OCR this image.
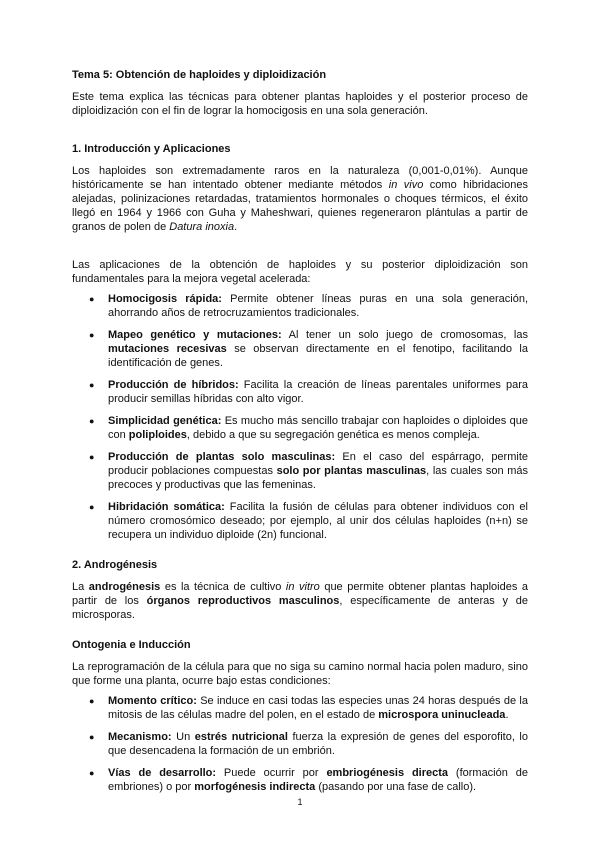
Tema 5: Obtención de haploides y diploidización

Este tema explica las técnicas para obtener plantas haploides y el posterior proceso de diploidización con el fin de lograr la homocigosis en una sola generación.

1. Introducción y Aplicaciones

Los haploides son extremadamente raros en la naturaleza (0,001-0,01%). Aunque históricamente se han intentado obtener mediante métodos in vivo como hibridaciones alejadas, polinizaciones retardadas, tratamientos hormonales o choques térmicos, el éxito llegó en 1964 y 1966 con Guha y Maheshwari, quienes regeneraron plántulas a partir de granos de polen de Datura inoxia.

Las aplicaciones de la obtención de haploides y su posterior diploidización son fundamentales para la mejora vegetal acelerada:

● Homocigosis rápida: Permite obtener líneas puras en una sola generación, ahorrando años de retrocruzamientos tradicionales.
● Mapeo genético y mutaciones: Al tener un solo juego de cromosomas, las mutaciones recesivas se observan directamente en el fenotipo, facilitando la identificación de genes.
● Producción de híbridos: Facilita la creación de líneas parentales uniformes para producir semillas híbridas con alto vigor.
● Simplicidad genética: Es mucho más sencillo trabajar con haploides o diploides que con poliploides, debido a que su segregación genética es menos compleja.
● Producción de plantas solo masculinas: En el caso del espárrago, permite producir poblaciones compuestas solo por plantas masculinas, las cuales son más precoces y productivas que las femeninas.
● Hibridación somática: Facilita la fusión de células para obtener individuos con el número cromosómico deseado; por ejemplo, al unir dos células haploides (n+n) se recupera un individuo diploide (2n) funcional.
2. Androgénesis

La androgénesis es la técnica de cultivo in vitro que permite obtener plantas haploides a partir de los órganos reproductivos masculinos, específicamente de anteras y de microsporas.

Ontogenia e Inducción

La reprogramación de la célula para que no siga su camino normal hacia polen maduro, sino que forme una planta, ocurre bajo estas condiciones:

● Momento crítico: Se induce en casi todas las especies unas 24 horas después de la mitosis de las células madre del polen, en el estado de microspora uninucleada.
● Mecanismo: Un estrés nutricional fuerza la expresión de genes del esporofito, lo que desencadena la formación de un embrión.
● Vías de desarrollo: Puede ocurrir por embriogénesis directa (formación de embriones) o por morfogénesis indirecta (pasando por una fase de callo).
1
